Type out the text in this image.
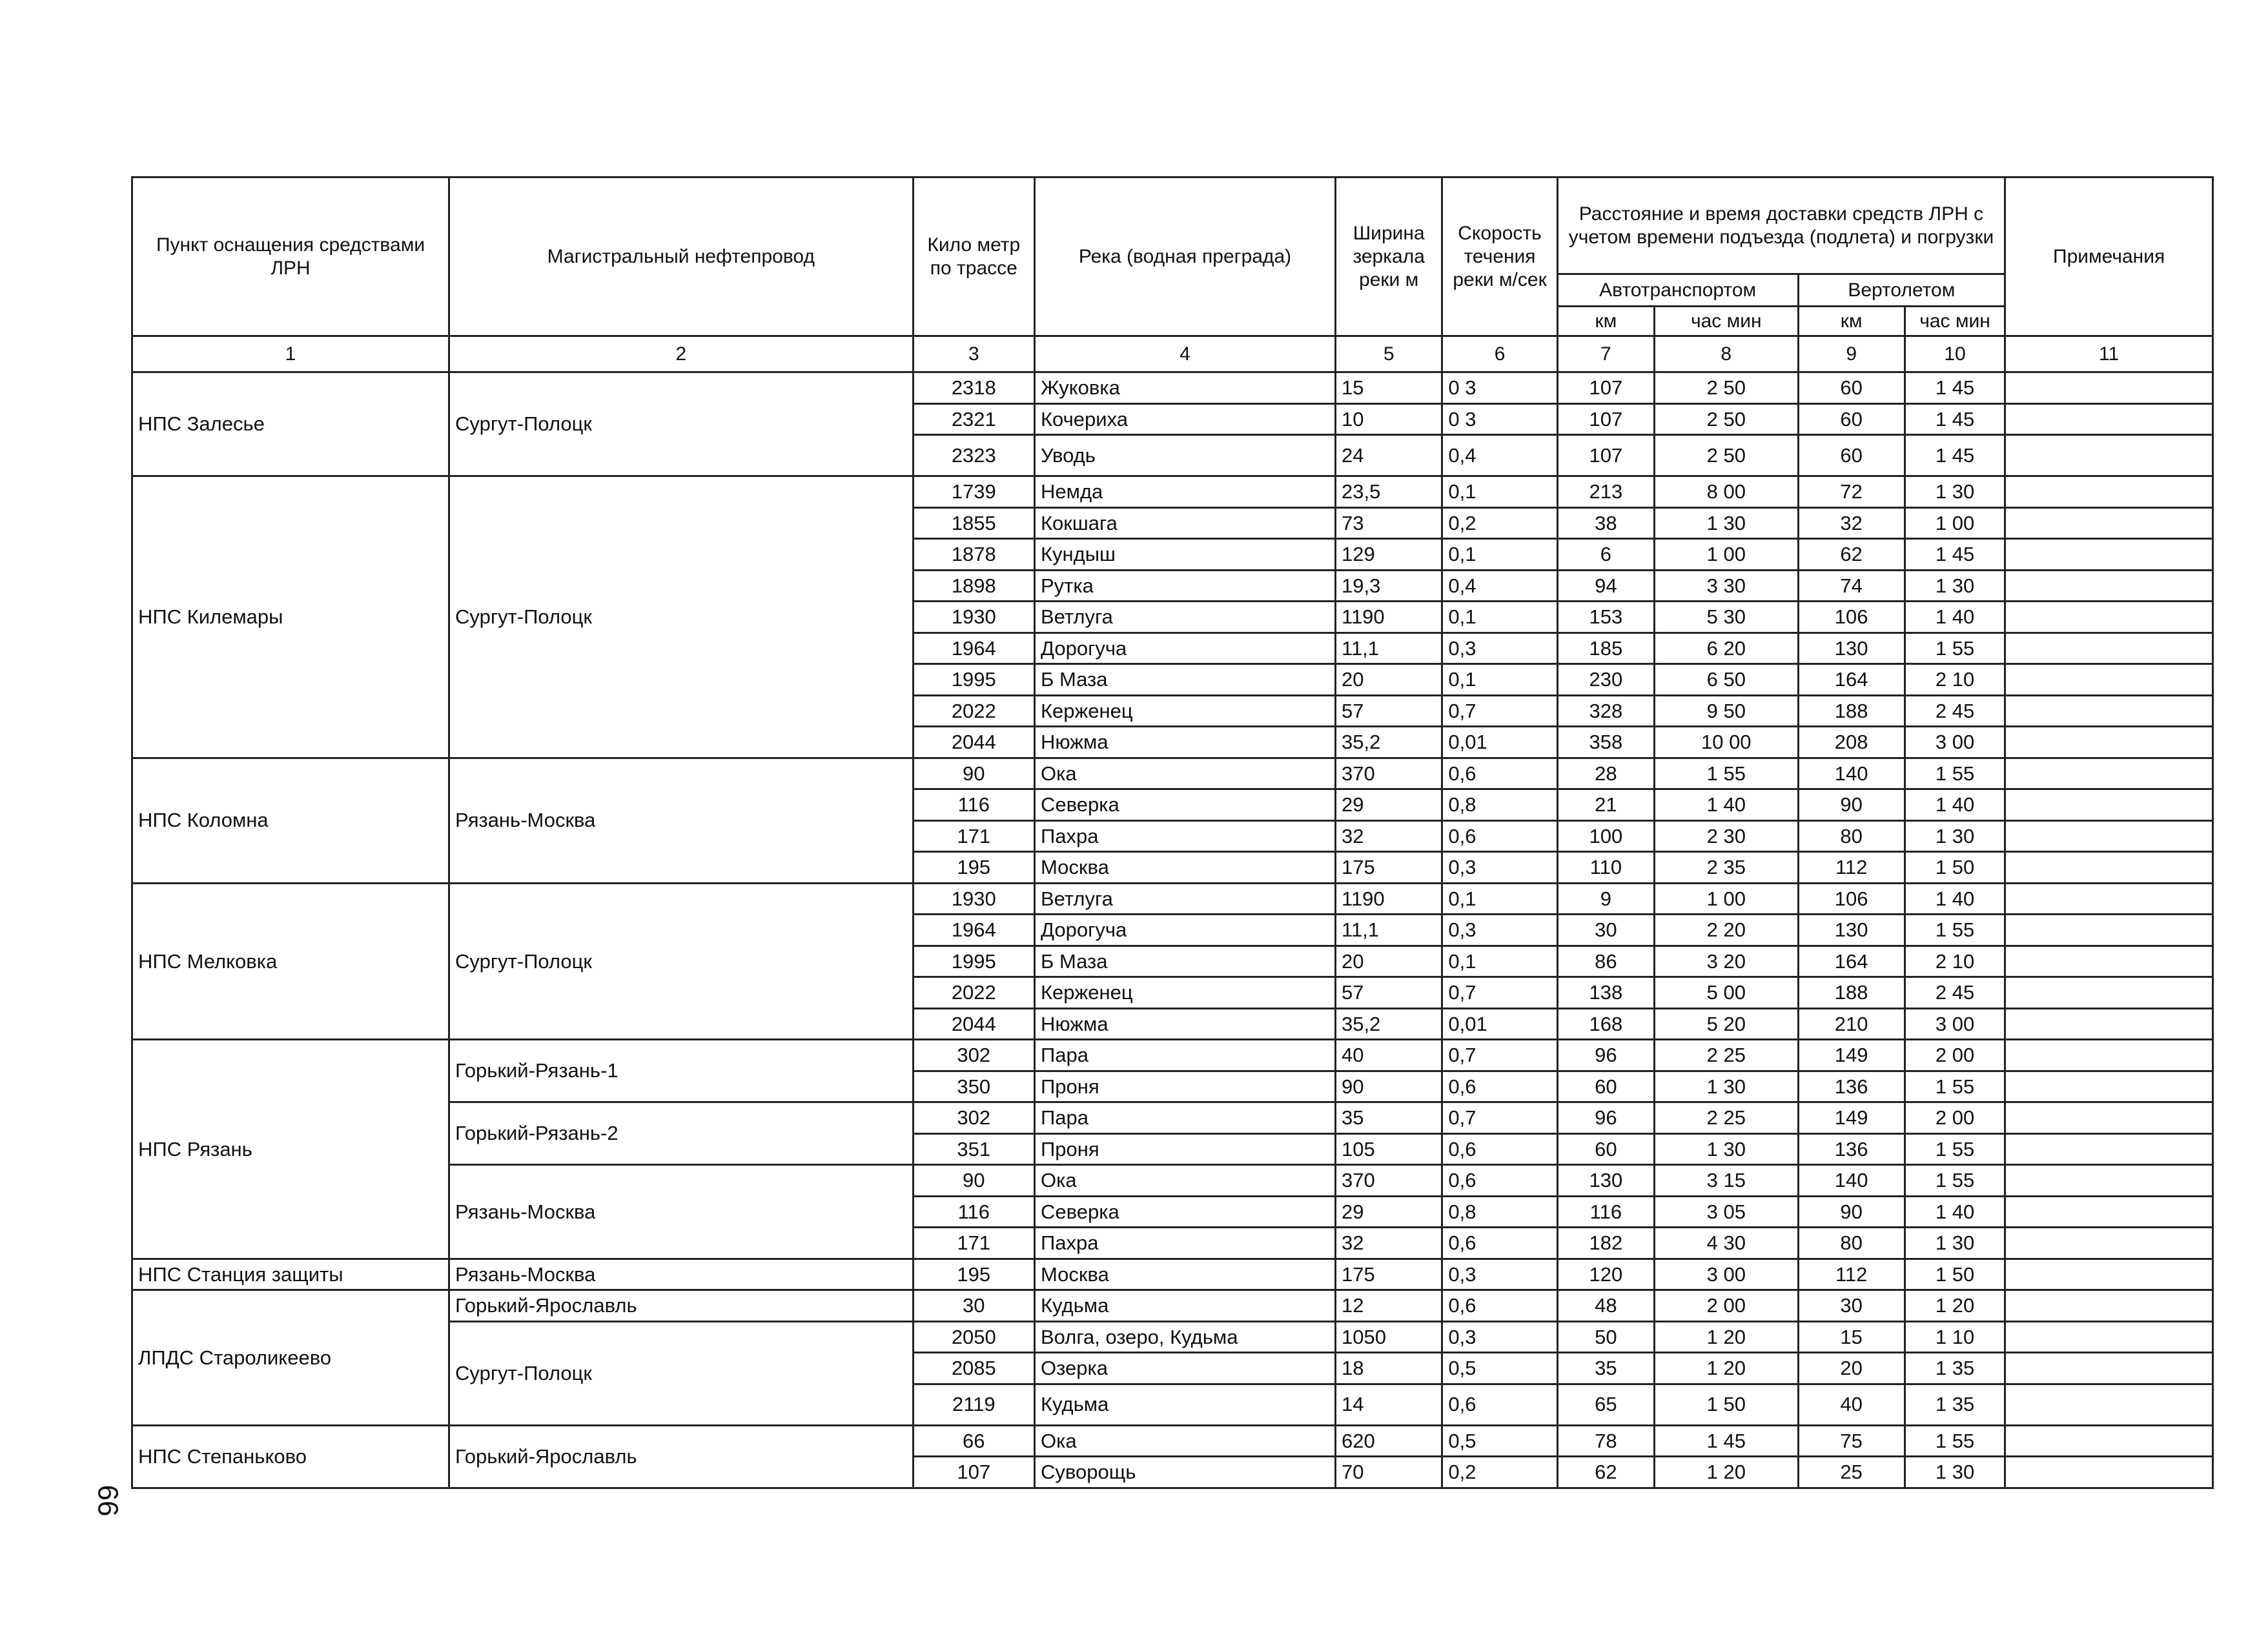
66
Пункт оснащения средствами ЛРН	Магистральный нефтепровод	Кило метр по трассе	Река (водная преграда)	Ширина зеркала реки м	Скорость течения реки м/сек	Расстояние и время доставки средств ЛРН с учетом времени подъезда (подлета) и погрузки				Примечания
						Автотранспортом		Вертолетом		
						км	час мин	км	час мин	
1	2	3	4	5	6	7	8	9	10	11
НПС Залесье	Сургут-Полоцк	2318	Жуковка	15	0 3	107	2 50	60	1 45	
		2321	Кочериха	10	0 3	107	2 50	60	1 45	
		2323	Уводь	24	0,4	107	2 50	60	1 45	
НПС Килемары	Сургут-Полоцк	1739	Немда	23,5	0,1	213	8 00	72	1 30	
		1855	Кокшага	73	0,2	38	1 30	32	1 00	
		1878	Кундыш	129	0,1	6	1 00	62	1 45	
		1898	Рутка	19,3	0,4	94	3 30	74	1 30	
		1930	Ветлуга	1190	0,1	153	5 30	106	1 40	
		1964	Дорогуча	11,1	0,3	185	6 20	130	1 55	
		1995	Б Маза	20	0,1	230	6 50	164	2 10	
		2022	Керженец	57	0,7	328	9 50	188	2 45	
		2044	Нюжма	35,2	0,01	358	10 00	208	3 00	
НПС Коломна	Рязань-Москва	90	Ока	370	0,6	28	1 55	140	1 55	
		116	Северка	29	0,8	21	1 40	90	1 40	
		171	Пахра	32	0,6	100	2 30	80	1 30	
		195	Москва	175	0,3	110	2 35	112	1 50	
НПС Мелковка	Сургут-Полоцк	1930	Ветлуга	1190	0,1	9	1 00	106	1 40	
		1964	Дорогуча	11,1	0,3	30	2 20	130	1 55	
		1995	Б Маза	20	0,1	86	3 20	164	2 10	
		2022	Керженец	57	0,7	138	5 00	188	2 45	
		2044	Нюжма	35,2	0,01	168	5 20	210	3 00	
НПС Рязань	Горький-Рязань-1	302	Пара	40	0,7	96	2 25	149	2 00	
		350	Проня	90	0,6	60	1 30	136	1 55	
	Горький-Рязань-2	302	Пара	35	0,7	96	2 25	149	2 00	
		351	Проня	105	0,6	60	1 30	136	1 55	
	Рязань-Москва	90	Ока	370	0,6	130	3 15	140	1 55	
		116	Северка	29	0,8	116	3 05	90	1 40	
		171	Пахра	32	0,6	182	4 30	80	1 30	
НПС Станция защиты	Рязань-Москва	195	Москва	175	0,3	120	3 00	112	1 50	
ЛПДС Староликеево	Горький-Ярославль	30	Кудьма	12	0,6	48	2 00	30	1 20	
	Сургут-Полоцк	2050	Волга, озеро, Кудьма	1050	0,3	50	1 20	15	1 10	
		2085	Озерка	18	0,5	35	1 20	20	1 35	
		2119	Кудьма	14	0,6	65	1 50	40	1 35	
НПС Степаньково	Горький-Ярославль	66	Ока	620	0,5	78	1 45	75	1 55	
		107	Суворощь	70	0,2	62	1 20	25	1 30	
